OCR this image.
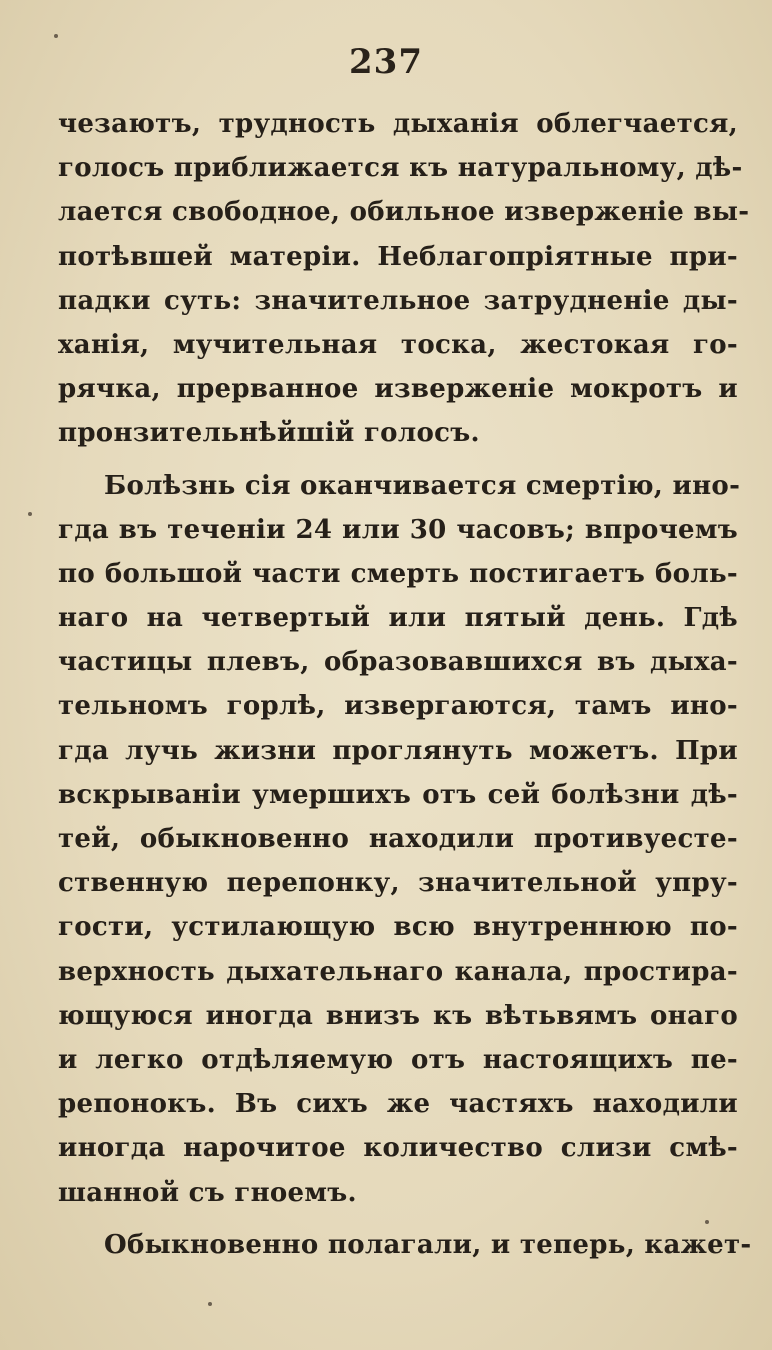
237
чезаютъ, трудность дыханія облегчается,
голосъ приближается къ натуральному, дѣ-
лается свободное, обильное изверженіе вы-
потѣвшей матеріи. Неблагопріятные при-
падки суть: значительное затрудненіе ды-
ханія, мучительная тоска, жестокая го-
рячка, прерванное изверженіе мокротъ и
пронзительнѣйшій голосъ.
Болѣзнь сія оканчивается смертію, ино-
гда въ теченіи 24 или 30 часовъ; впрочемъ
по большой части смерть постигаетъ боль-
наго на четвертый или пятый день. Гдѣ
частицы плевъ, образовавшихся въ дыха-
тельномъ горлѣ, извергаются, тамъ ино-
гда лучь жизни проглянуть можетъ. При
вскрываніи умершихъ отъ сей болѣзни дѣ-
тей, обыкновенно находили противуесте-
ственную перепонку, значительной упру-
гости, устилающую всю внутреннюю по-
верхность дыхательнаго канала, простира-
ющуюся иногда внизъ къ вѣтьвямъ онаго
и легко отдѣляемую отъ настоящихъ пе-
репонокъ. Въ сихъ же частяхъ находили
иногда нарочитое количество слизи смѣ-
шанной съ гноемъ.
Обыкновенно полагали, и теперь, кажет-
